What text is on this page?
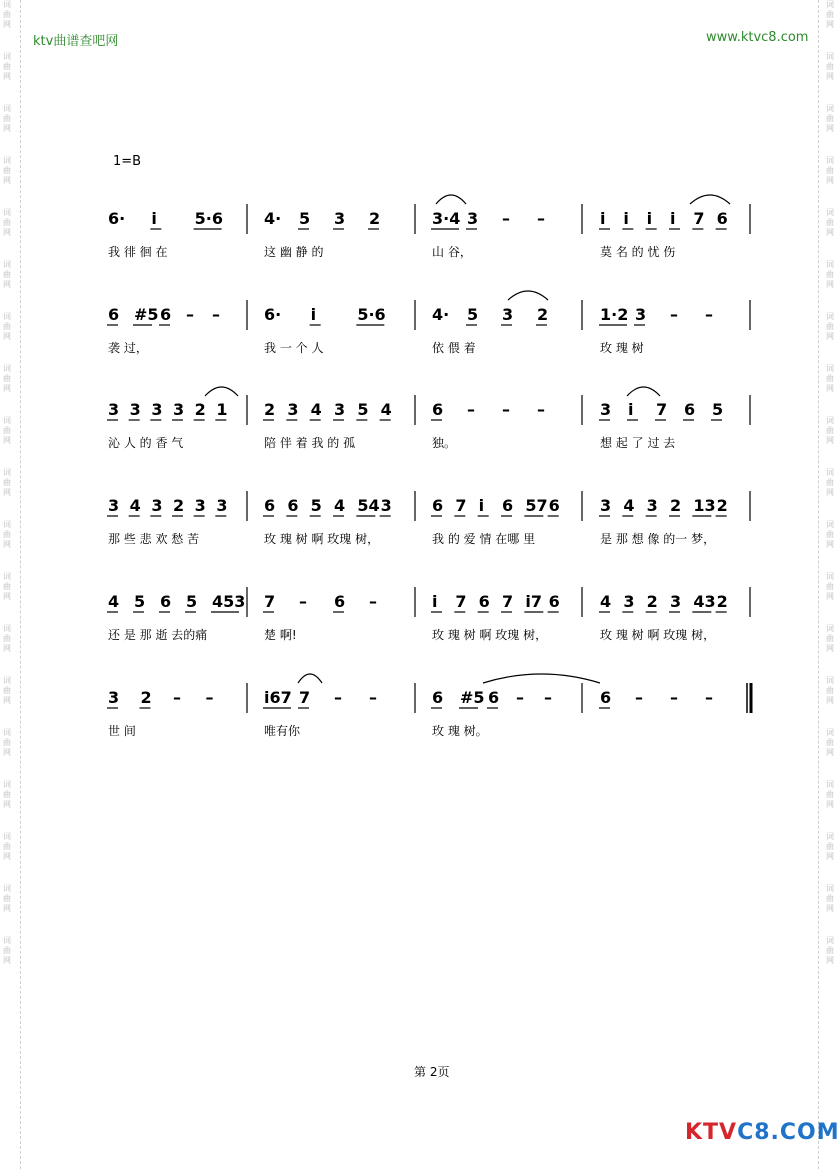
词曲网
词曲网
词曲网
词曲网
词曲网
词曲网
词曲网
词曲网
词曲网
词曲网
词曲网
词曲网
词曲网
词曲网
词曲网
词曲网
词曲网
词曲网
词曲网
词曲网
词曲网
词曲网
词曲网
词曲网
词曲网
词曲网
词曲网
词曲网
词曲网
词曲网
词曲网
词曲网
词曲网
词曲网
词曲网
词曲网
词曲网
词曲网
ktv曲谱查吧网	www.ktvc8.com
1=B
6· i 5·6
我 徘 徊 在
4· 5 3 2
这 幽 静 的
3·4 3 – –
山 谷，
i i i i 7 6
莫 名 的 忧 伤
6 #5 6 – –
袭 过，
6· i	5·6
我 一 个 人
4· 5 3 2
依 偎 着
1·2 3 – –
玫 瑰 树
3 3 3 3 2 1
沁 人 的 香 气
2 3 4 3 5 4
陪 伴 着 我 的 孤
6 – – –
独。
3 i 7 6 5
想 起 了 过 去
3 4 3 2 3 3
那 些 悲 欢 愁 苦
6 6 5 4 54 3
玫 瑰 树 啊 玫瑰 树，
6 7 i 6 57 6
我 的 爱 情 在哪 里
3 4 3 2 13 2
是 那 想 像 的一 梦，
4 5 6 5 453
还 是 那 逝 去的痛
7 – 6 –
楚 啊!
i 7 6 7 i7 6
玫 瑰 树 啊 玫瑰 树，
4 3 2 3 43 2
玫 瑰 树 啊 玫瑰 树，
3 2 – –
世 间
i67 7 – –
唯有你
6 #5 6 – –
玫 瑰 树。
6 – – –
第 2页
KTVC8.COM
